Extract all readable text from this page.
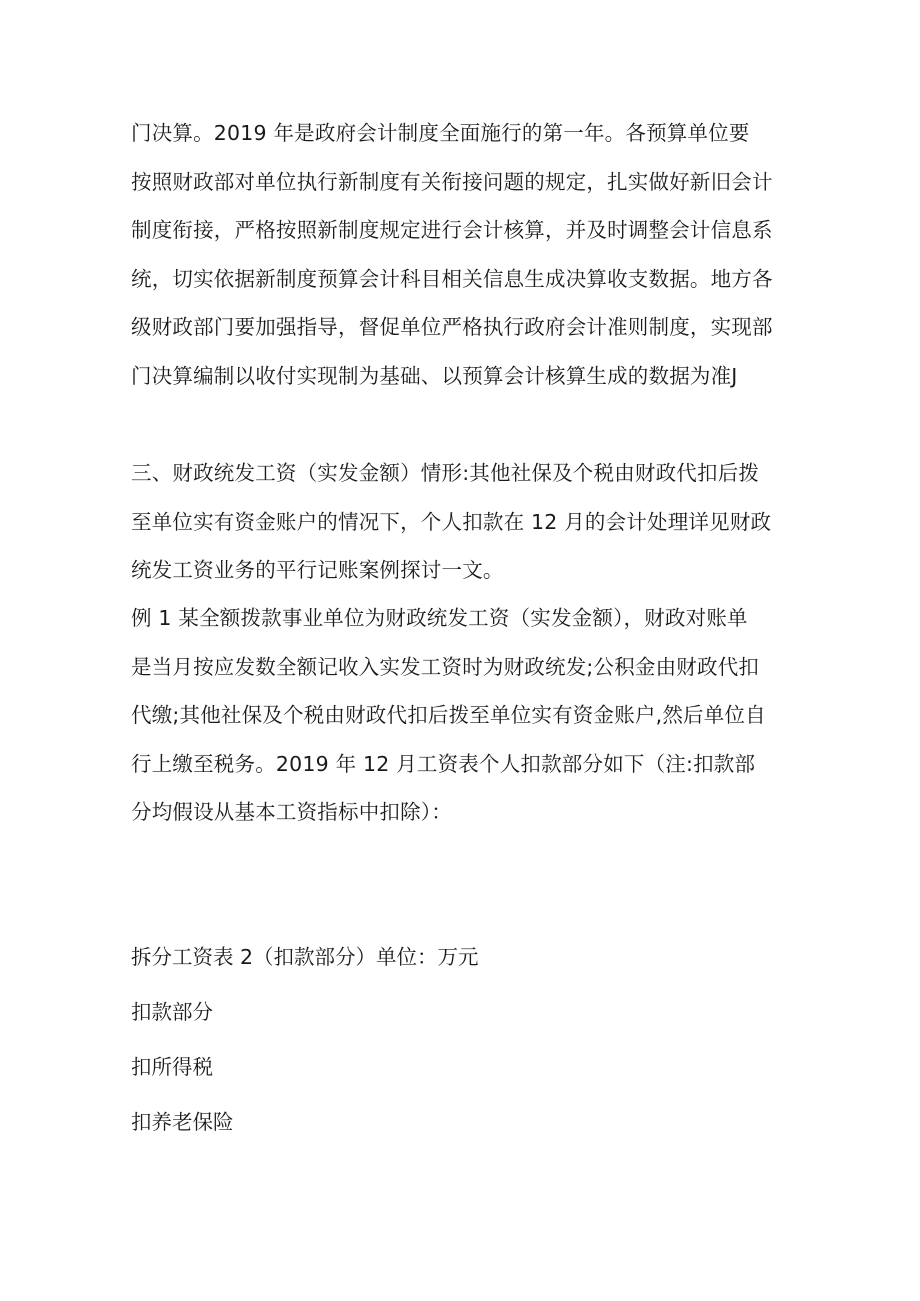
门决算。2019 年是政府会计制度全面施行的第一年。各预算单位要
按照财政部对单位执行新制度有关衔接问题的规定，扎实做好新旧会计
制度衔接，严格按照新制度规定进行会计核算，并及时调整会计信息系
统，切实依据新制度预算会计科目相关信息生成决算收支数据。地方各
级财政部门要加强指导，督促单位严格执行政府会计准则制度，实现部
门决算编制以收付实现制为基础、以预算会计核算生成的数据为准J
三、财政统发工资（实发金额）情形:其他社保及个税由财政代扣后拨
至单位实有资金账户的情况下，个人扣款在 12 月的会计处理详见财政
统发工资业务的平行记账案例探讨一文。
例 1 某全额拨款事业单位为财政统发工资（实发金额），财政对账单
是当月按应发数全额记收入实发工资时为财政统发;公积金由财政代扣
代缴;其他社保及个税由财政代扣后拨至单位实有资金账户,然后单位自
行上缴至税务。2019 年 12 月工资表个人扣款部分如下（注:扣款部
分均假设从基本工资指标中扣除）：
拆分工资表 2（扣款部分）单位：万元
扣款部分
扣所得税
扣养老保险
